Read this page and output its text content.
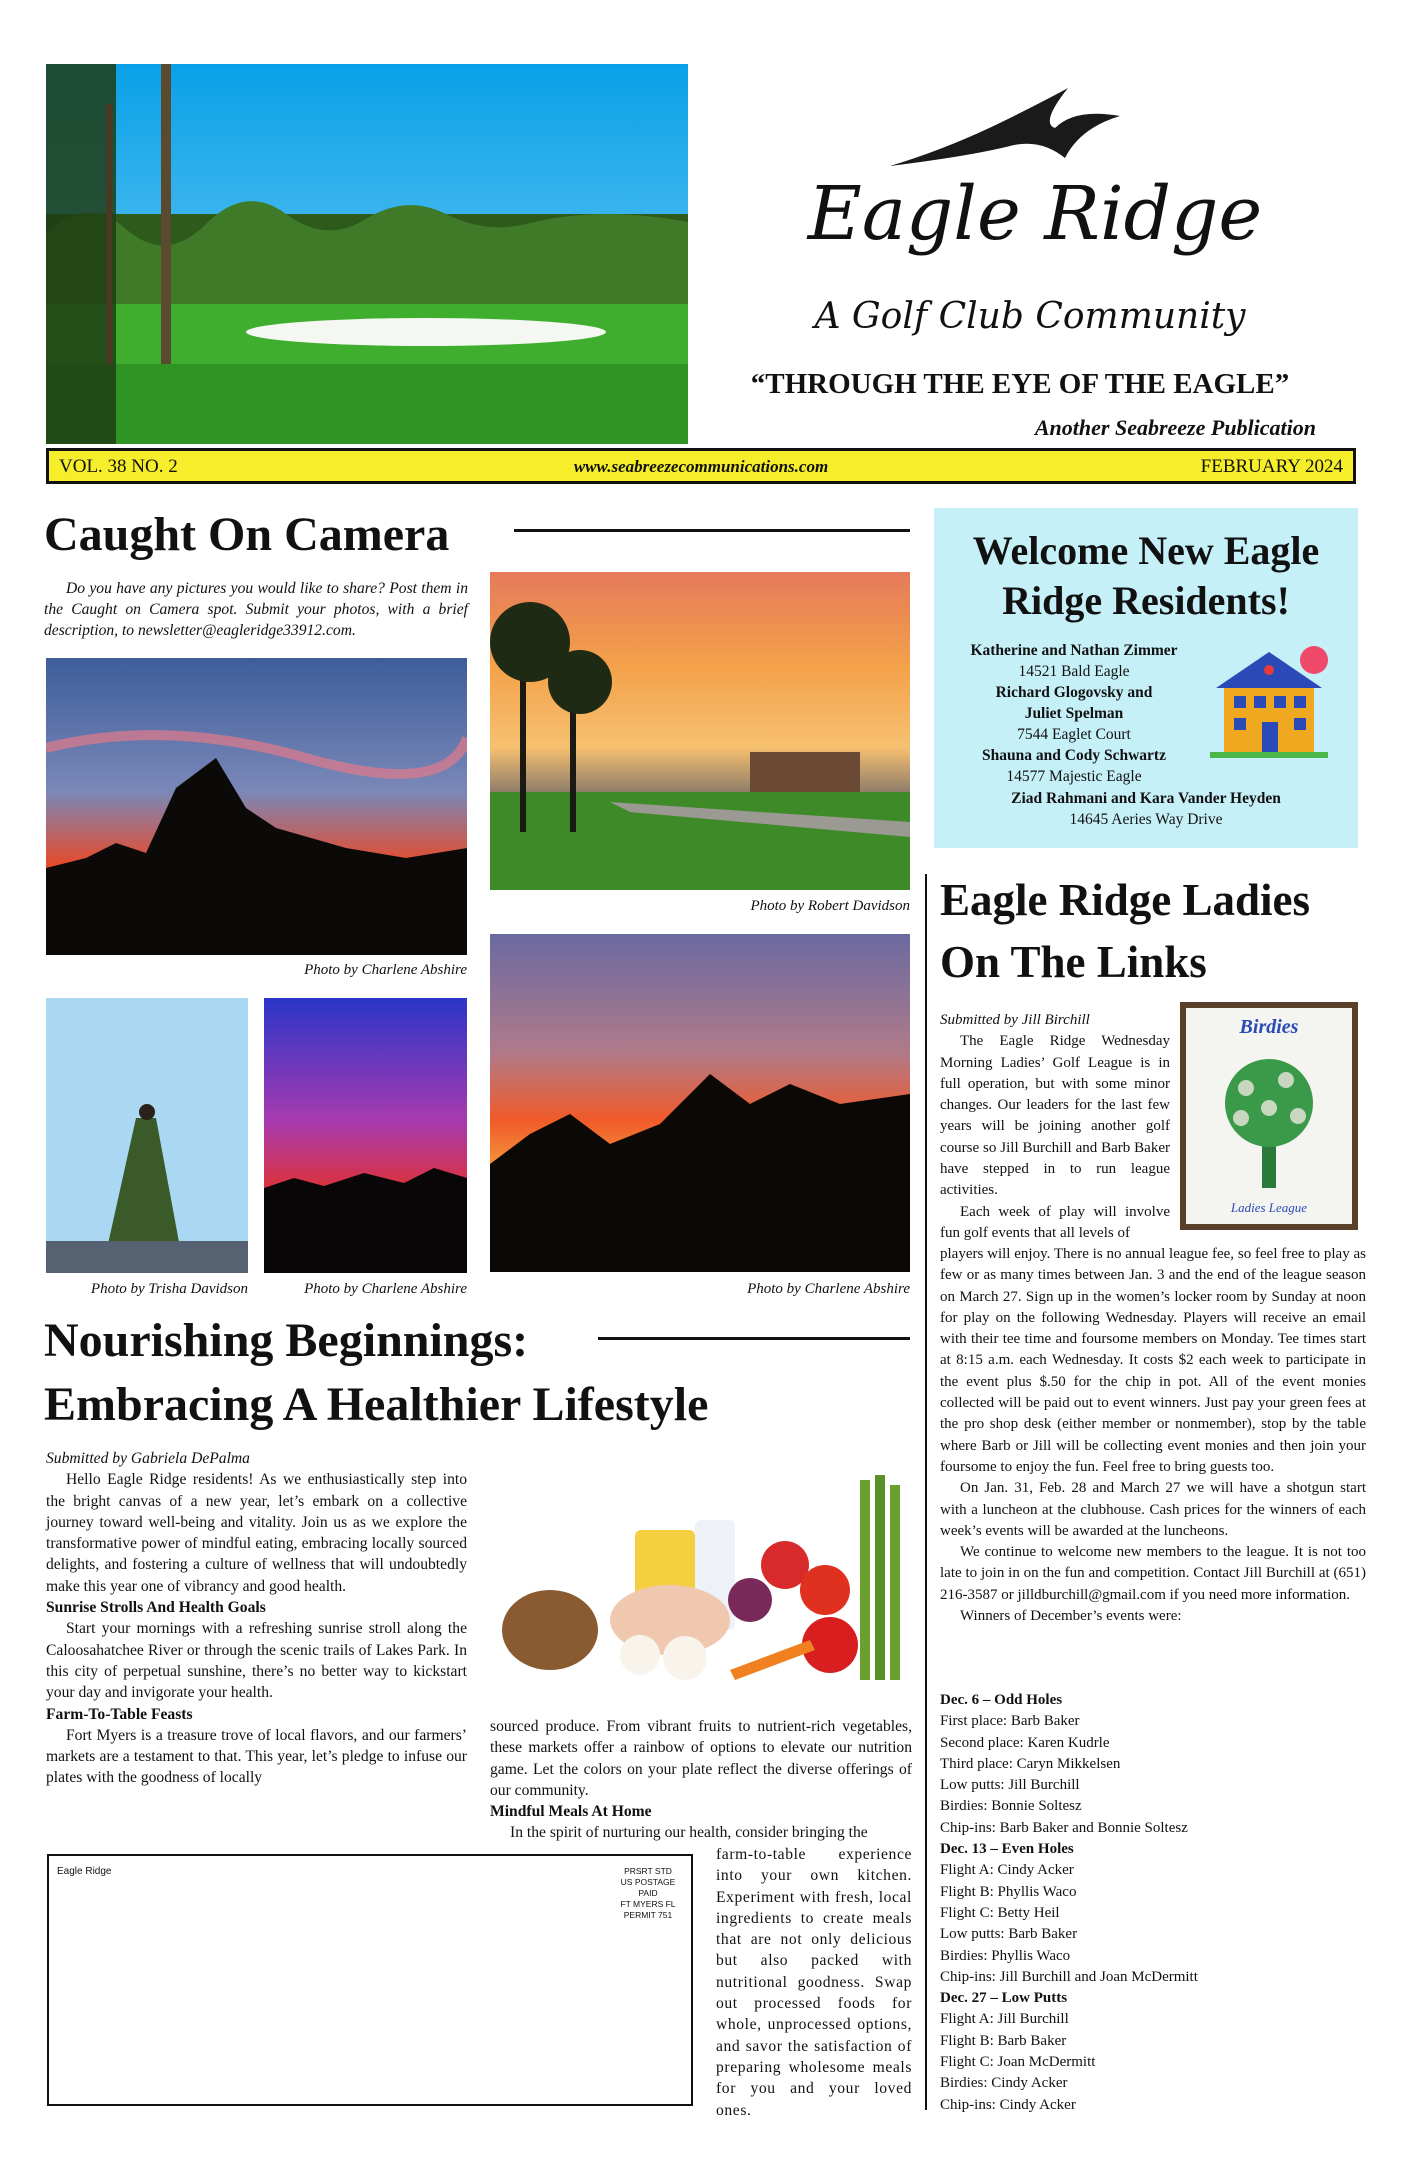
Eagle Ridge
A Golf Club Community
“THROUGH THE EYE OF THE EAGLE”
Another Seabreeze Publication
VOL. 38 NO. 2	www.seabreezecommunications.com	FEBRUARY 2024
Caught On Camera
Do you have any pictures you would like to share? Post them in the Caught on Camera spot. Submit your photos, with a brief description, to newsletter@eagleridge33912.com.
Photo by Charlene Abshire
Photo by Robert Davidson
Photo by Trisha Davidson	Photo by Charlene Abshire	Photo by Charlene Abshire
Welcome New Eagle Ridge Residents!
Katherine and Nathan Zimmer
14521 Bald Eagle
Richard Glogovsky and Juliet Spelman
7544 Eaglet Court
Shauna and Cody Schwartz
14577 Majestic Eagle
Ziad Rahmani and Kara Vander Heyden
14645 Aeries Way Drive
Nourishing Beginnings:
Embracing A Healthier Lifestyle

Submitted by Gabriela DePalma

Hello Eagle Ridge residents! As we enthusiastically step into the bright canvas of a new year, let’s embark on a collective journey toward well-being and vitality. Join us as we explore the transformative power of mindful eating, embracing locally sourced delights, and fostering a culture of wellness that will undoubtedly make this year one of vibrancy and good health.

Sunrise Strolls And Health Goals

Start your mornings with a refreshing sunrise stroll along the Caloosahatchee River or through the scenic trails of Lakes Park. In this city of perpetual sunshine, there’s no better way to kickstart your day and invigorate your health.

Farm-To-Table Feasts

Fort Myers is a treasure trove of local flavors, and our farmers’ markets are a testament to that. This year, let’s pledge to infuse our plates with the goodness of locally

sourced produce. From vibrant fruits to nutrient-rich vegetables, these markets offer a rainbow of options to elevate our nutrition game. Let the colors on your plate reflect the diverse offerings of our community.

Mindful Meals At Home

In the spirit of nurturing our health, consider bringing the

farm-to-table experience into your own kitchen. Experiment with fresh, local ingredients to create meals that are not only delicious but also packed with nutritional goodness. Swap out processed foods for whole, unprocessed options, and savor the satisfaction of preparing wholesome meals for you and your loved ones.

Eagle Ridge	PRSRT STD
US POSTAGE
PAID
FT MYERS FL
PERMIT 751
Eagle Ridge Ladies
On The Links
Birdies
Ladies League

Submitted by Jill Birchill

The Eagle Ridge Wednesday Morning Ladies’ Golf League is in full operation, but with some minor changes. Our leaders for the last few years will be joining another golf course so Jill Burchill and Barb Baker have stepped in to run league activities.

Each week of play will involve fun golf events that all levels of

players will enjoy. There is no annual league fee, so feel free to play as few or as many times between Jan. 3 and the end of the league season on March 27. Sign up in the women’s locker room by Sunday at noon for play on the following Wednesday. Players will receive an email with their tee time and foursome members on Monday. Tee times start at 8:15 a.m. each Wednesday. It costs $2 each week to participate in the event plus $.50 for the chip in pot. All of the event monies collected will be paid out to event winners. Just pay your green fees at the pro shop desk (either member or nonmember), stop by the table where Barb or Jill will be collecting event monies and then join your foursome to enjoy the fun. Feel free to bring guests too.

On Jan. 31, Feb. 28 and March 27 we will have a shotgun start with a luncheon at the clubhouse. Cash prices for the winners of each week’s events will be awarded at the luncheons.

We continue to welcome new members to the league. It is not too late to join in on the fun and competition. Contact Jill Burchill at (651) 216-3587 or jilldburchill@gmail.com if you need more information.

Winners of December’s events were:

Dec. 6 – Odd Holes
First place: Barb Baker
Second place: Karen Kudrle
Third place: Caryn Mikkelsen
Low putts: Jill Burchill
Birdies: Bonnie Soltesz
Chip-ins: Barb Baker and Bonnie Soltesz
Dec. 13 – Even Holes
Flight A: Cindy Acker
Flight B: Phyllis Waco
Flight C: Betty Heil
Low putts: Barb Baker
Birdies: Phyllis Waco
Chip-ins: Jill Burchill and Joan McDermitt
Dec. 27 – Low Putts
Flight A: Jill Burchill
Flight B: Barb Baker
Flight C: Joan McDermitt
Birdies: Cindy Acker
Chip-ins: Cindy Acker
